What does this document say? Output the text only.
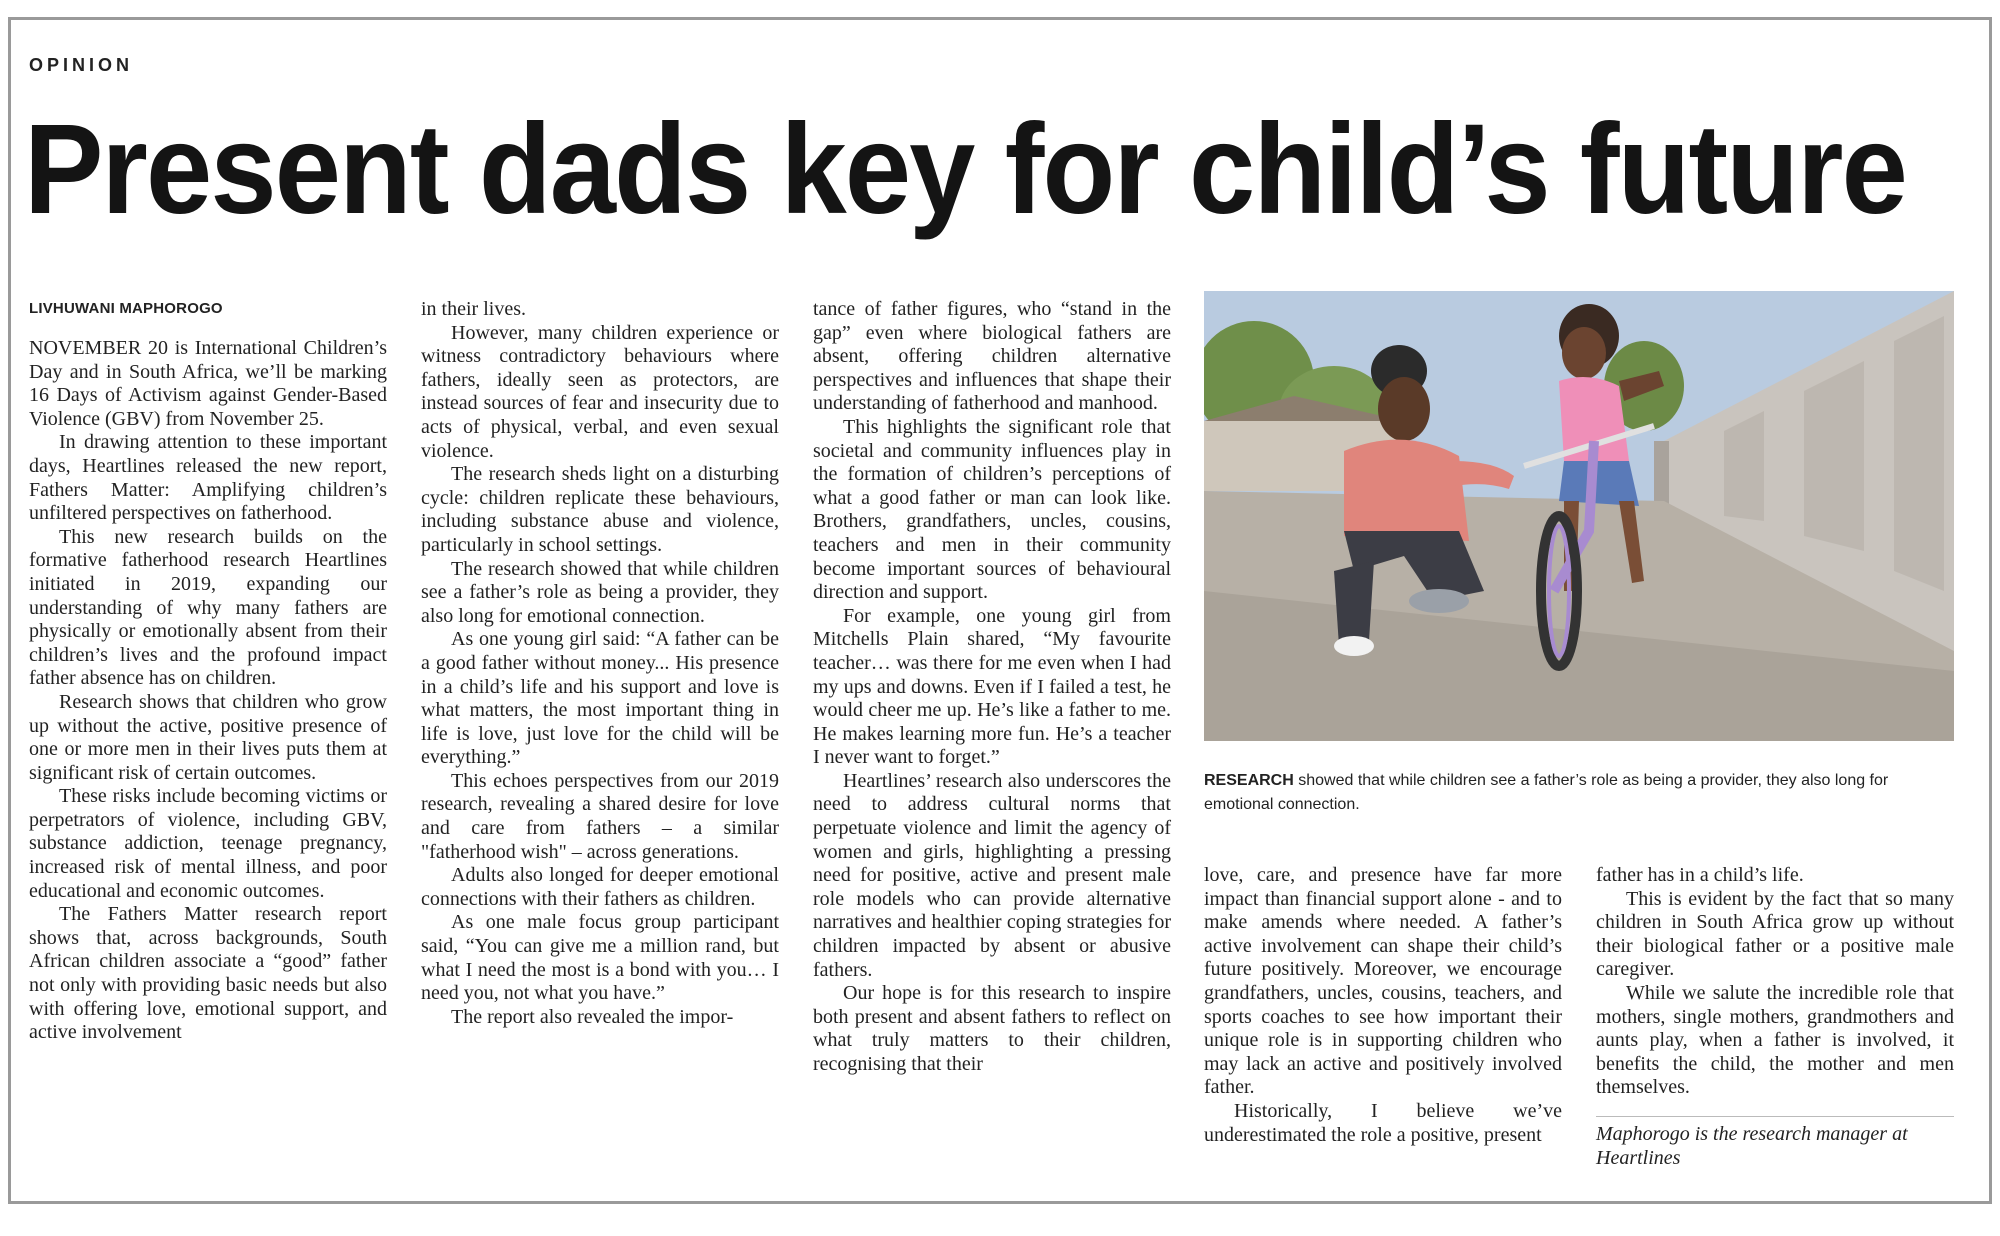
OPINION
Present dads key for child’s future

LIVHUWANI MAPHOROGO

NOVEMBER 20 is International Children’s Day and in South Africa, we’ll be marking 16 Days of Activism against Gender-Based Violence (GBV) from November 25.

In drawing attention to these important days, Heartlines released the new report, Fathers Matter: Amplifying children’s unfiltered perspectives on fatherhood.

This new research builds on the formative fatherhood research Heartlines initiated in 2019, expanding our understanding of why many fathers are physically or emotionally absent from their children’s lives and the profound impact father absence has on children.

Research shows that children who grow up without the active, positive presence of one or more men in their lives puts them at significant risk of certain outcomes.

These risks include becoming victims or perpetrators of violence, including GBV, substance addiction, teenage pregnancy, increased risk of mental illness, and poor educational and economic outcomes.

The Fathers Matter research report shows that, across backgrounds, South African children associate a “good” father not only with providing basic needs but also with offering love, emotional support, and active involvement

in their lives.

However, many children experience or witness contradictory behaviours where fathers, ideally seen as protectors, are instead sources of fear and insecurity due to acts of physical, verbal, and even sexual violence.

The research sheds light on a disturbing cycle: children replicate these behaviours, including substance abuse and violence, particularly in school settings.

The research showed that while children see a father’s role as being a provider, they also long for emotional connection.

As one young girl said: “A father can be a good father without money... His presence in a child’s life and his support and love is what matters, the most important thing in life is love, just love for the child will be everything.”

This echoes perspectives from our 2019 research, revealing a shared desire for love and care from fathers – a similar "fatherhood wish" – across generations.

Adults also longed for deeper emotional connections with their fathers as children.

As one male focus group participant said, “You can give me a million rand, but what I need the most is a bond with you… I need you, not what you have.”

The report also revealed the impor-

tance of father figures, who “stand in the gap” even where biological fathers are absent, offering children alternative perspectives and influences that shape their understanding of fatherhood and manhood.

This highlights the significant role that societal and community influences play in the formation of children’s perceptions of what a good father or man can look like. Brothers, grandfathers, uncles, cousins, teachers and men in their community become important sources of behavioural direction and support.

For example, one young girl from Mitchells Plain shared, “My favourite teacher… was there for me even when I had my ups and downs. Even if I failed a test, he would cheer me up. He’s like a father to me. He makes learning more fun. He’s a teacher I never want to forget.”

Heartlines’ research also underscores the need to address cultural norms that perpetuate violence and limit the agency of women and girls, highlighting a pressing need for positive, active and present male role models who can provide alternative narratives and healthier coping strategies for children impacted by absent or abusive fathers.

Our hope is for this research to inspire both present and absent fathers to reflect on what truly matters to their children, recognising that their

RESEARCH showed that while children see a father’s role as being a provider, they also long for emotional connection.

love, care, and presence have far more impact than financial support alone - and to make amends where needed. A father’s active involvement can shape their child’s future positively. Moreover, we encourage grandfathers, uncles, cousins, teachers, and sports coaches to see how important their unique role is in supporting children who may lack an active and positively involved father.

Historically, I believe we’ve underestimated the role a positive, present

father has in a child’s life.

This is evident by the fact that so many children in South Africa grow up without their biological father or a positive male caregiver.

While we salute the incredible role that mothers, single mothers, grandmothers and aunts play, when a father is involved, it benefits the child, the mother and men themselves.

Maphorogo is the research manager at Heartlines
